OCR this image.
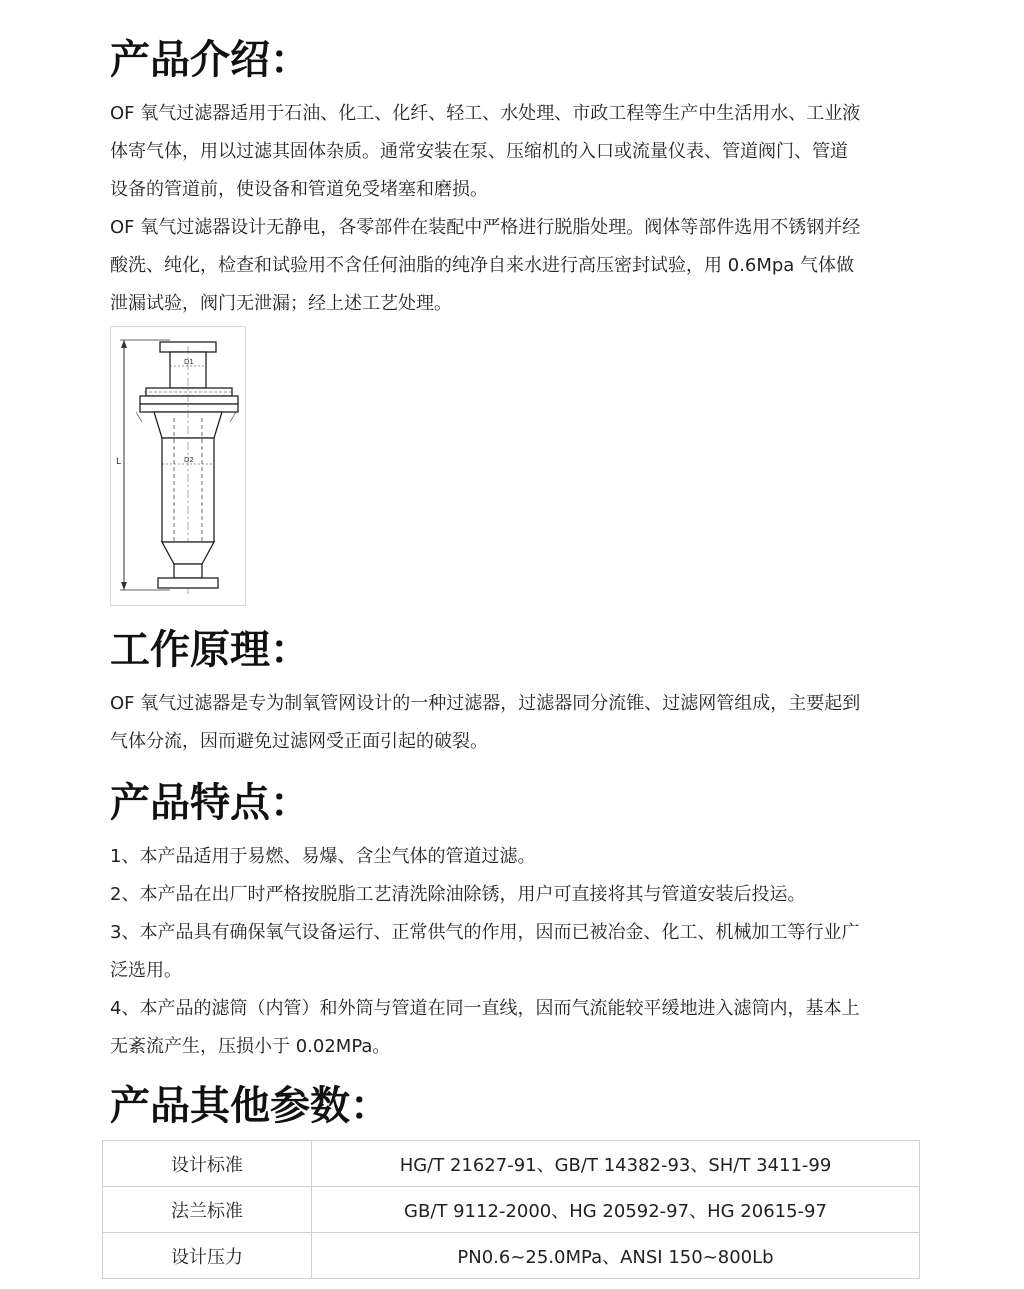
产品介绍：
OF 氧气过滤器适用于石油、化工、化纤、轻工、水处理、市政工程等生产中生活用水、工业液
体寄气体，用以过滤其固体杂质。通常安装在泵、压缩机的入口或流量仪表、管道阀门、管道
设备的管道前，使设备和管道免受堵塞和磨损。
OF 氧气过滤器设计无静电，各零部件在装配中严格进行脱脂处理。阀体等部件选用不锈钢并经
酸洗、纯化，检查和试验用不含任何油脂的纯净自来水进行高压密封试验，用 0.6Mpa 气体做
泄漏试验，阀门无泄漏；经上述工艺处理。
L
D1
D2
工作原理：
OF 氧气过滤器是专为制氧管网设计的一种过滤器，过滤器同分流锥、过滤网管组成，主要起到
气体分流，因而避免过滤网受正面引起的破裂。
产品特点：
1、本产品适用于易燃、易爆、含尘气体的管道过滤。
2、本产品在出厂时严格按脱脂工艺清洗除油除锈，用户可直接将其与管道安装后投运。
3、本产品具有确保氧气设备运行、正常供气的作用，因而已被冶金、化工、机械加工等行业广
泛选用。
4、本产品的滤筒（内管）和外筒与管道在同一直线，因而气流能较平缓地进入滤筒内，基本上
无紊流产生，压损小于 0.02MPa。
产品其他参数：
设计标准	HG/T 21627-91、GB/T 14382-93、SH/T 3411-99
法兰标准	GB/T 9112-2000、HG 20592-97、HG 20615-97
设计压力	PN0.6~25.0MPa、ANSI 150~800Lb
